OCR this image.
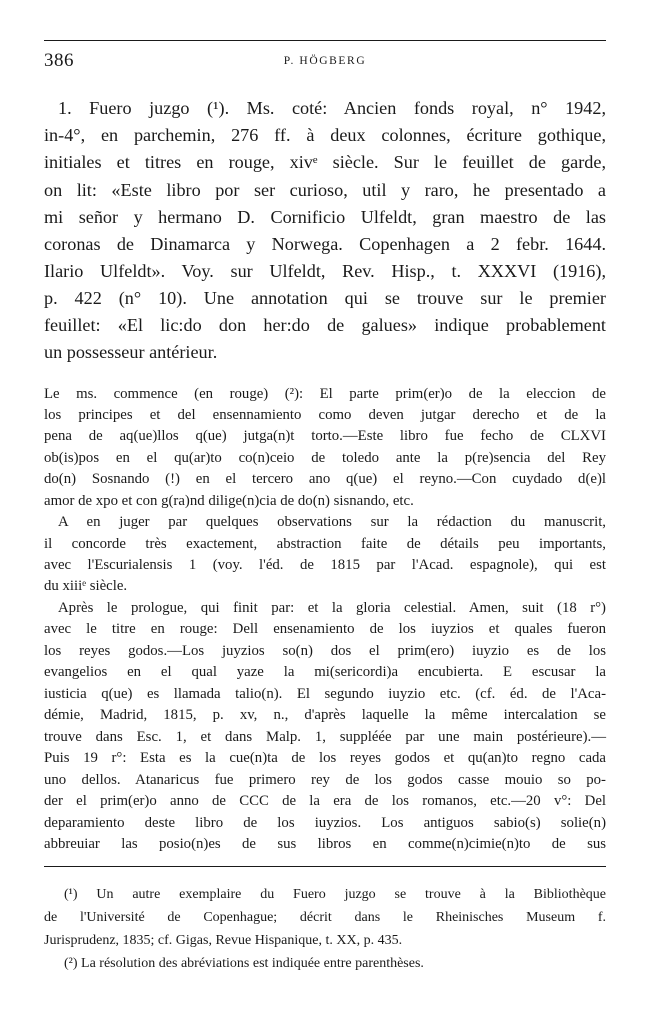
386	P. HÖGBERG
1. Fuero juzgo (¹). Ms. coté: Ancien fonds royal, n° 1942,
in-4°, en parchemin, 276 ff. à deux colonnes, écriture gothique,
initiales et titres en rouge, xivᵉ siècle. Sur le feuillet de garde,
on lit: «Este libro por ser curioso, util y raro, he presentado a
mi señor y hermano D. Cornificio Ulfeldt, gran maestro de las
coronas de Dinamarca y Norwega. Copenhagen a 2 febr. 1644.
Ilario Ulfeldt». Voy. sur Ulfeldt, Rev. Hisp., t. XXXVI (1916),
p. 422 (n° 10). Une annotation qui se trouve sur le premier
feuillet: «El lic:do don her:do de galues» indique probablement
un possesseur antérieur.
Le ms. commence (en rouge) (²): El parte prim(er)o de la eleccion de
los principes et del ensennamiento como deven jutgar derecho et de la
pena de aq(ue)llos q(ue) jutga(n)t torto.—Este libro fue fecho de CLXVI
ob(is)pos en el qu(ar)to co(n)ceio de toledo ante la p(re)sencia del Rey
do(n) Sosnando (!) en el tercero ano q(ue) el reyno.—Con cuydado d(e)l
amor de xpo et con g(ra)nd dilige(n)cia de do(n) sisnando, etc.
A en juger par quelques observations sur la rédaction du manuscrit,
il concorde très exactement, abstraction faite de détails peu importants,
avec l'Escurialensis 1 (voy. l'éd. de 1815 par l'Acad. espagnole), qui est
du xiiiᵉ siècle.
Après le prologue, qui finit par: et la gloria celestial. Amen, suit (18 r°)
avec le titre en rouge: Dell ensenamiento de los iuyzios et quales fueron
los reyes godos.—Los juyzios so(n) dos el prim(ero) iuyzio es de los
evangelios en el qual yaze la mi(sericordi)a encubierta. E escusar la
iusticia q(ue) es llamada talio(n). El segundo iuyzio etc. (cf. éd. de l'Aca-
démie, Madrid, 1815, p. xv, n., d'après laquelle la même intercalation se
trouve dans Esc. 1, et dans Malp. 1, suppléée par une main postérieure).—
Puis 19 r°: Esta es la cue(n)ta de los reyes godos et qu(an)to regno cada
uno dellos. Atanaricus fue primero rey de los godos casse mouio so po-
der el prim(er)o anno de CCC de la era de los romanos, etc.—20 v°: Del
deparamiento deste libro de los iuyzios. Los antiguos sabio(s) solie(n)
abbreuiar las posio(n)es de sus libros en comme(n)cimie(n)to de sus
(¹) Un autre exemplaire du Fuero juzgo se trouve à la Bibliothèque
de l'Université de Copenhague; décrit dans le Rheinisches Museum f.
Jurisprudenz, 1835; cf. Gigas, Revue Hispanique, t. XX, p. 435.
(²) La résolution des abréviations est indiquée entre parenthèses.
